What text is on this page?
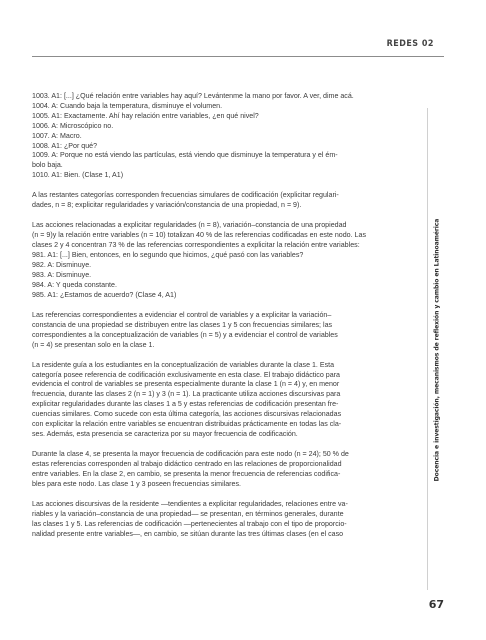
REDES 02
1003. A1: [...] ¿Qué relación entre variables hay aquí? Levántenme la mano por favor. A ver, dime acá.
1004. A: Cuando baja la temperatura, disminuye el volumen.
1005. A1: Exactamente. Ahí hay relación entre variables, ¿en qué nivel?
1006. A: Microscópico no.
1007. A: Macro.
1008. A1: ¿Por qué?
1009. A: Porque no está viendo las partículas, está viendo que disminuye la temperatura y el ém-
bolo baja.
1010. A1: Bien. (Clase 1, A1)
A las restantes categorías corresponden frecuencias simulares de codificación (explicitar regulari-
dades, n = 8; explicitar regularidades y variación/constancia de una propiedad, n = 9).
Las acciones relacionadas a explicitar regularidades (n = 8), variación–constancia de una propiedad
(n = 9)y la relación entre variables (n = 10) totalizan 40 % de las referencias codificadas en este nodo. Las
clases 2 y 4 concentran 73 % de las referencias correspondientes a explicitar la relación entre variables:
981. A1: [...] Bien, entonces, en lo segundo que hicimos, ¿qué pasó con las variables?
982. A: Disminuye.
983. A: Disminuye.
984. A: Y queda constante.
985. A1: ¿Estamos de acuerdo? (Clase 4, A1)
Las referencias correspondientes a evidenciar el control de variables y a explicitar la variación–
constancia de una propiedad se distribuyen entre las clases 1 y 5 con frecuencias similares; las
correspondientes a la conceptualización de variables (n = 5) y a evidenciar el control de variables
(n = 4) se presentan solo en la clase 1.
La residente guía a los estudiantes en la conceptualización de variables durante la clase 1. Esta
categoría posee referencia de codificación exclusivamente en esta clase. El trabajo didáctico para
evidencia el control de variables se presenta especialmente durante la clase 1 (n = 4) y, en menor
frecuencia, durante las clases 2 (n = 1) y 3 (n = 1). La practicante utiliza acciones discursivas para
explicitar regularidades durante las clases 1 a 5 y estas referencias de codificación presentan fre-
cuencias similares. Como sucede con esta última categoría, las acciones discursivas relacionadas
con explicitar la relación entre variables se encuentran distribuidas prácticamente en todas las cla-
ses. Además, esta presencia se caracteriza por su mayor frecuencia de codificación.
Durante la clase 4, se presenta la mayor frecuencia de codificación para este nodo (n = 24); 50 % de
estas referencias corresponden al trabajo didáctico centrado en las relaciones de proporcionalidad
entre variables. En la clase 2, en cambio, se presenta la menor frecuencia de referencias codifica-
bles para este nodo. Las clase 1 y 3 poseen frecuencias similares.
Las acciones discursivas de la residente —tendientes a explicitar regularidades, relaciones entre va-
riables y la variación–constancia de una propiedad— se presentan, en términos generales, durante
las clases 1 y 5. Las referencias de codificación —pertenecientes al trabajo con el tipo de proporcio-
nalidad presente entre variables—, en cambio, se sitúan durante las tres últimas clases (en el caso
Docencia e investigación, mecanismos de reflexión y cambio en Latinoamérica
67
